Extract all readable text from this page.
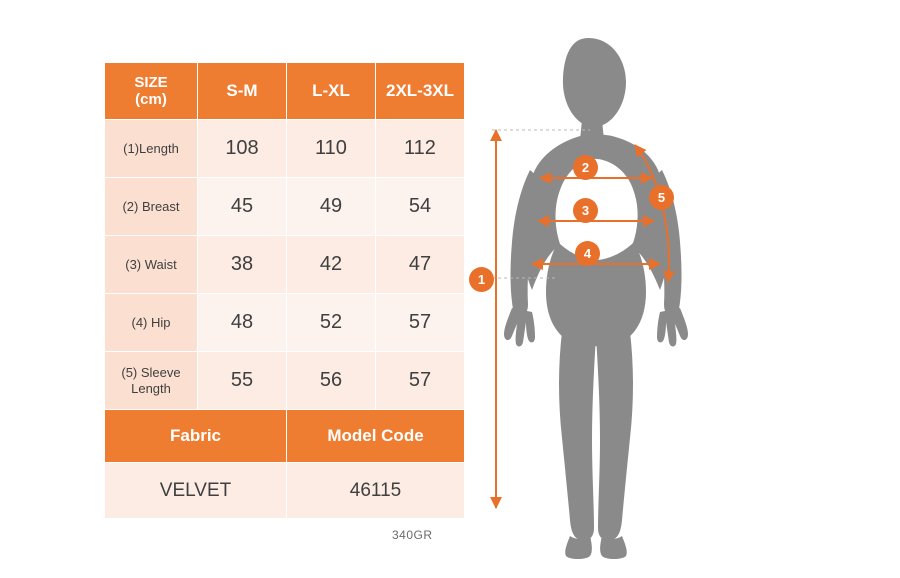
SIZE
(cm)	S-M	L-XL	2XL-3XL
(1)Length	108	110	112
(2) Breast	45	49	54
(3) Waist	38	42	47
(4) Hip	48	52	57
(5) Sleeve
Length	55	56	57
Fabric		Model Code	
VELVET		46115	
340GR
1
2
3
4
5
